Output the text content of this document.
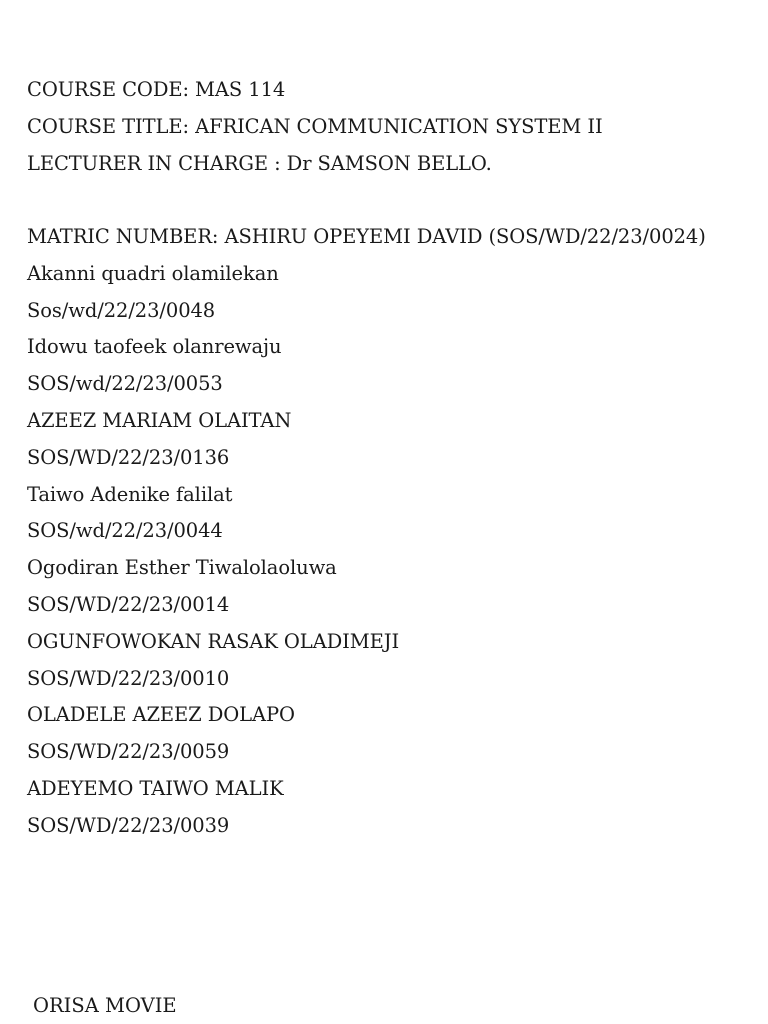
COURSE CODE: MAS 114
COURSE TITLE: AFRICAN COMMUNICATION SYSTEM II
LECTURER IN CHARGE : Dr SAMSON BELLO.
MATRIC NUMBER: ASHIRU OPEYEMI DAVID (SOS/WD/22/23/0024)
Akanni quadri olamilekan
Sos/wd/22/23/0048
Idowu taofeek olanrewaju
SOS/wd/22/23/0053
AZEEZ MARIAM OLAITAN
SOS/WD/22/23/0136
Taiwo Adenike falilat
SOS/wd/22/23/0044
Ogodiran Esther Tiwalolaoluwa
SOS/WD/22/23/0014
OGUNFOWOKAN RASAK OLADIMEJI
SOS/WD/22/23/0010
OLADELE AZEEZ DOLAPO
SOS/WD/22/23/0059
ADEYEMO TAIWO MALIK
SOS/WD/22/23/0039
ORISA MOVIE
